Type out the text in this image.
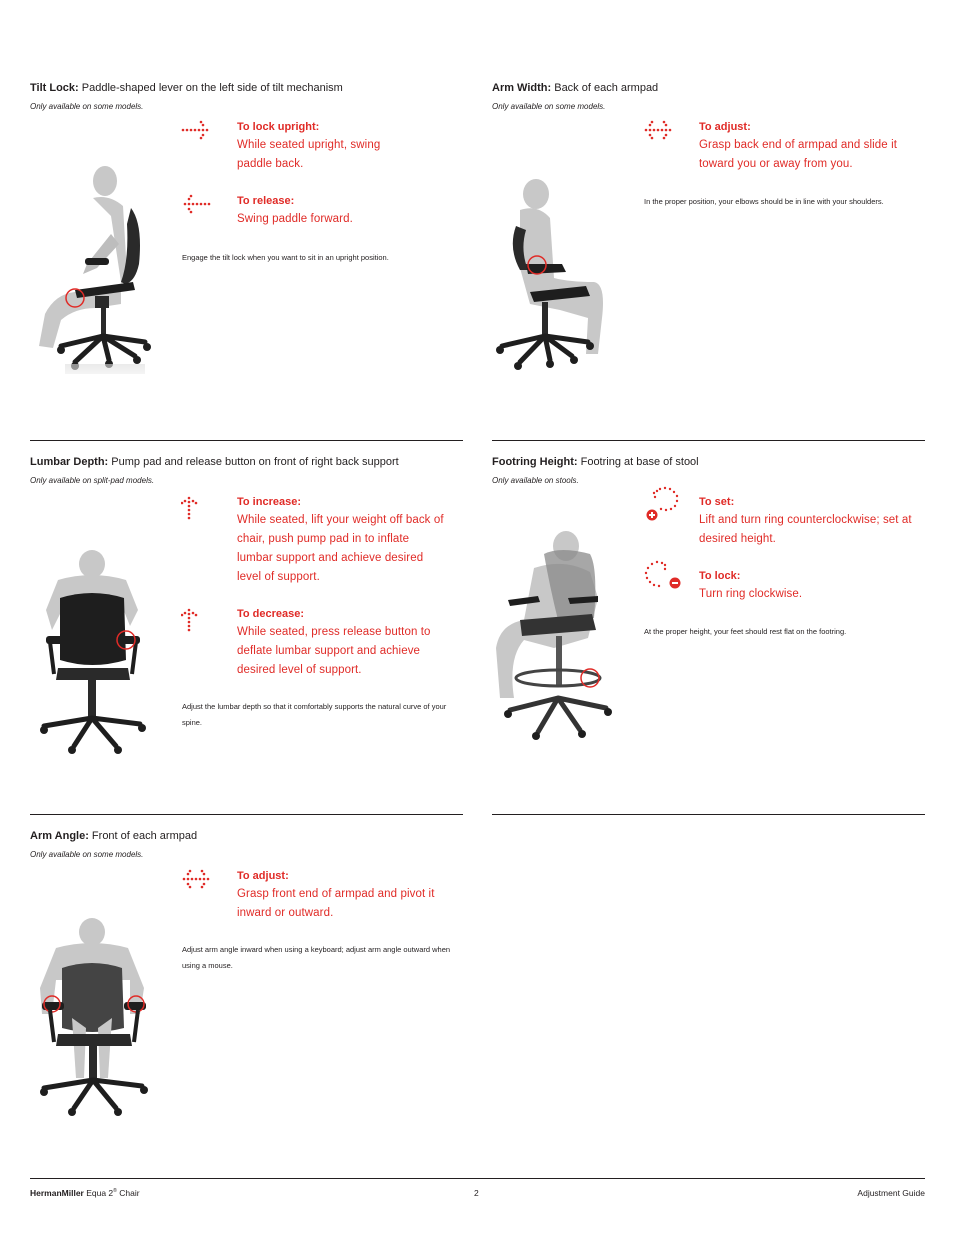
Tilt Lock: Paddle-shaped lever on the left side of tilt mechanism
Only available on some models.
To lock upright:
While seated upright, swing paddle back.
To release:
Swing paddle forward.
Engage the tilt lock when you want to sit in an upright position.
Arm Width: Back of each armpad
Only available on some models.
To adjust:
Grasp back end of armpad and slide it toward you or away from you.
In the proper position, your elbows should be in line with your shoulders.
Lumbar Depth: Pump pad and release button on front of right back support
Only available on split-pad models.
To increase:
While seated, lift your weight off back of chair, push pump pad in to inflate lumbar support and achieve desired level of support.
To decrease:
While seated, press release button to deflate lumbar support and achieve desired level of support.
Adjust the lumbar depth so that it comfortably supports the natural curve of your spine.
Footring Height: Footring at base of stool
Only available on stools.
To set:
Lift and turn ring counterclockwise; set at desired height.
To lock:
Turn ring clockwise.
At the proper height, your feet should rest flat on the footring.
Arm Angle: Front of each armpad
Only available on some models.
To adjust:
Grasp front end of armpad and pivot it inward or outward.
Adjust arm angle inward when using a keyboard; adjust arm angle outward when using a mouse.
HermanMiller Equa 2® Chair	2	Adjustment Guide
